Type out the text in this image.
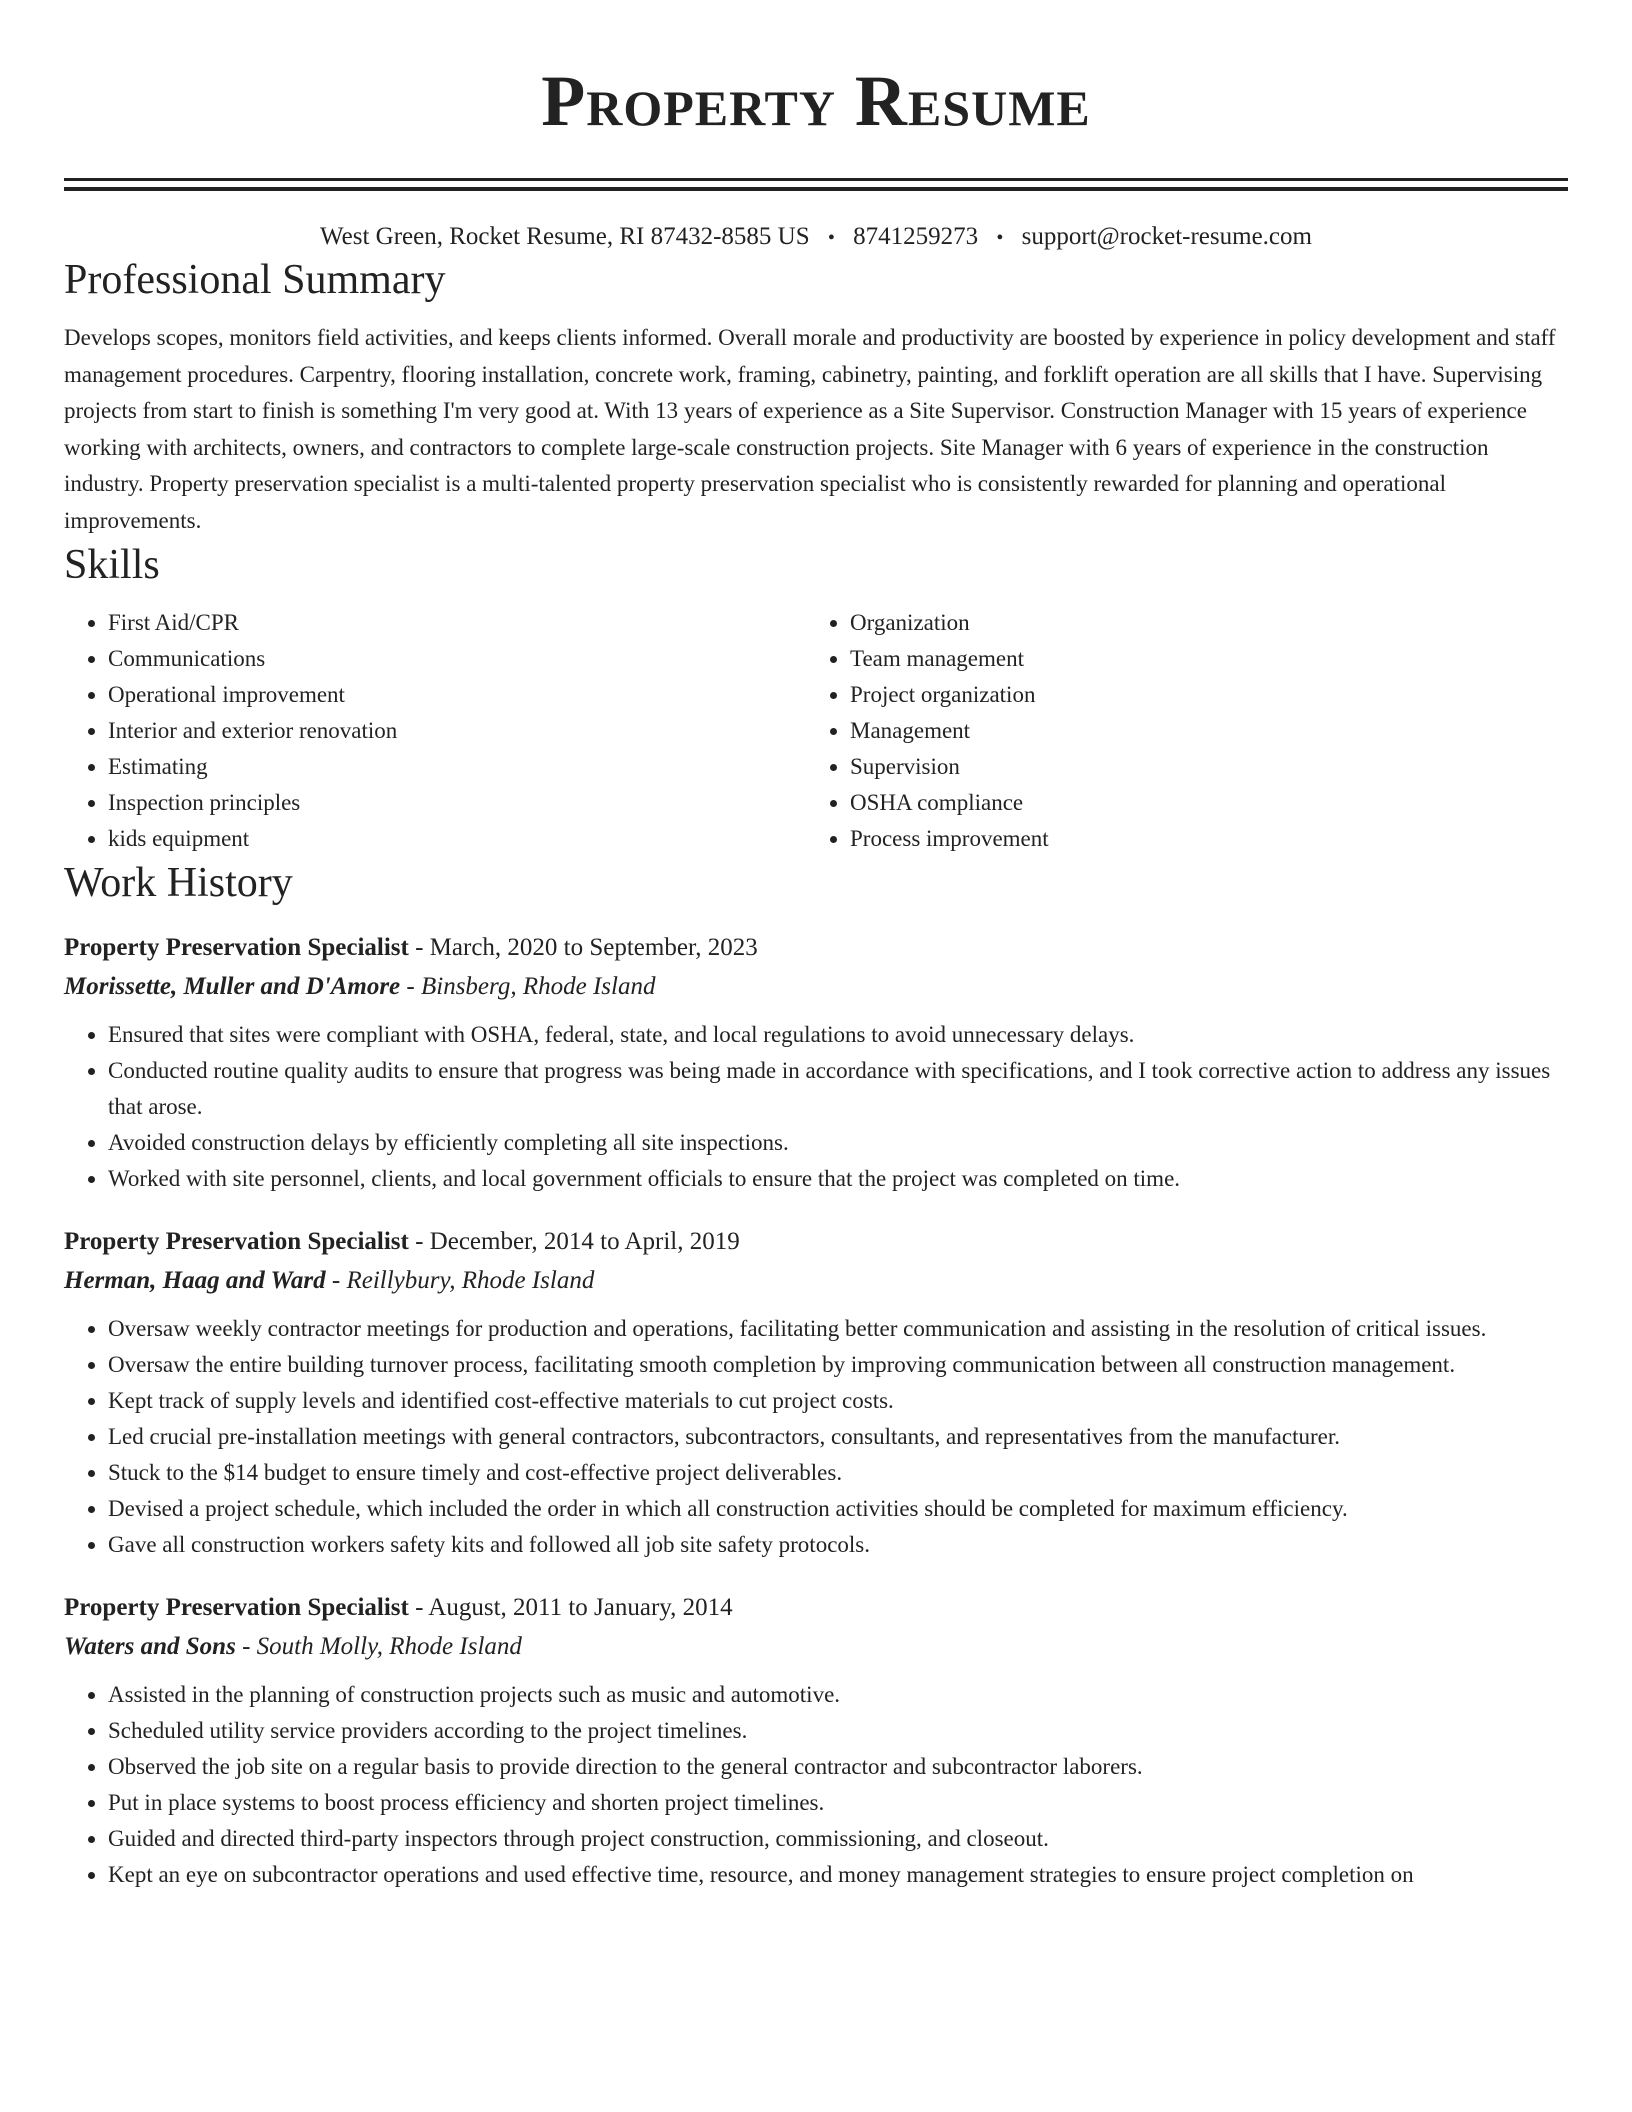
Property Resume
West Green, Rocket Resume, RI 87432-8585 US • 8741259273 • support@rocket-resume.com
Professional Summary
Develops scopes, monitors field activities, and keeps clients informed. Overall morale and productivity are boosted by experience in policy development and staff management procedures. Carpentry, flooring installation, concrete work, framing, cabinetry, painting, and forklift operation are all skills that I have. Supervising projects from start to finish is something I'm very good at. With 13 years of experience as a Site Supervisor. Construction Manager with 15 years of experience working with architects, owners, and contractors to complete large-scale construction projects. Site Manager with 6 years of experience in the construction industry. Property preservation specialist is a multi-talented property preservation specialist who is consistently rewarded for planning and operational improvements.
Skills
• First Aid/CPR
• Communications
• Operational improvement
• Interior and exterior renovation
• Estimating
• Inspection principles
• kids equipment
• Organization
• Team management
• Project organization
• Management
• Supervision
• OSHA compliance
• Process improvement
Work History
Property Preservation Specialist - March, 2020 to September, 2023
Morissette, Muller and D'Amore - Binsberg, Rhode Island
• Ensured that sites were compliant with OSHA, federal, state, and local regulations to avoid unnecessary delays.
• Conducted routine quality audits to ensure that progress was being made in accordance with specifications, and I took corrective action to address any issues that arose.
• Avoided construction delays by efficiently completing all site inspections.
• Worked with site personnel, clients, and local government officials to ensure that the project was completed on time.
Property Preservation Specialist - December, 2014 to April, 2019
Herman, Haag and Ward - Reillybury, Rhode Island
• Oversaw weekly contractor meetings for production and operations, facilitating better communication and assisting in the resolution of critical issues.
• Oversaw the entire building turnover process, facilitating smooth completion by improving communication between all construction management.
• Kept track of supply levels and identified cost-effective materials to cut project costs.
• Led crucial pre-installation meetings with general contractors, subcontractors, consultants, and representatives from the manufacturer.
• Stuck to the $14 budget to ensure timely and cost-effective project deliverables.
• Devised a project schedule, which included the order in which all construction activities should be completed for maximum efficiency.
• Gave all construction workers safety kits and followed all job site safety protocols.
Property Preservation Specialist - August, 2011 to January, 2014
Waters and Sons - South Molly, Rhode Island
• Assisted in the planning of construction projects such as music and automotive.
• Scheduled utility service providers according to the project timelines.
• Observed the job site on a regular basis to provide direction to the general contractor and subcontractor laborers.
• Put in place systems to boost process efficiency and shorten project timelines.
• Guided and directed third-party inspectors through project construction, commissioning, and closeout.
• Kept an eye on subcontractor operations and used effective time, resource, and money management strategies to ensure project completion on
